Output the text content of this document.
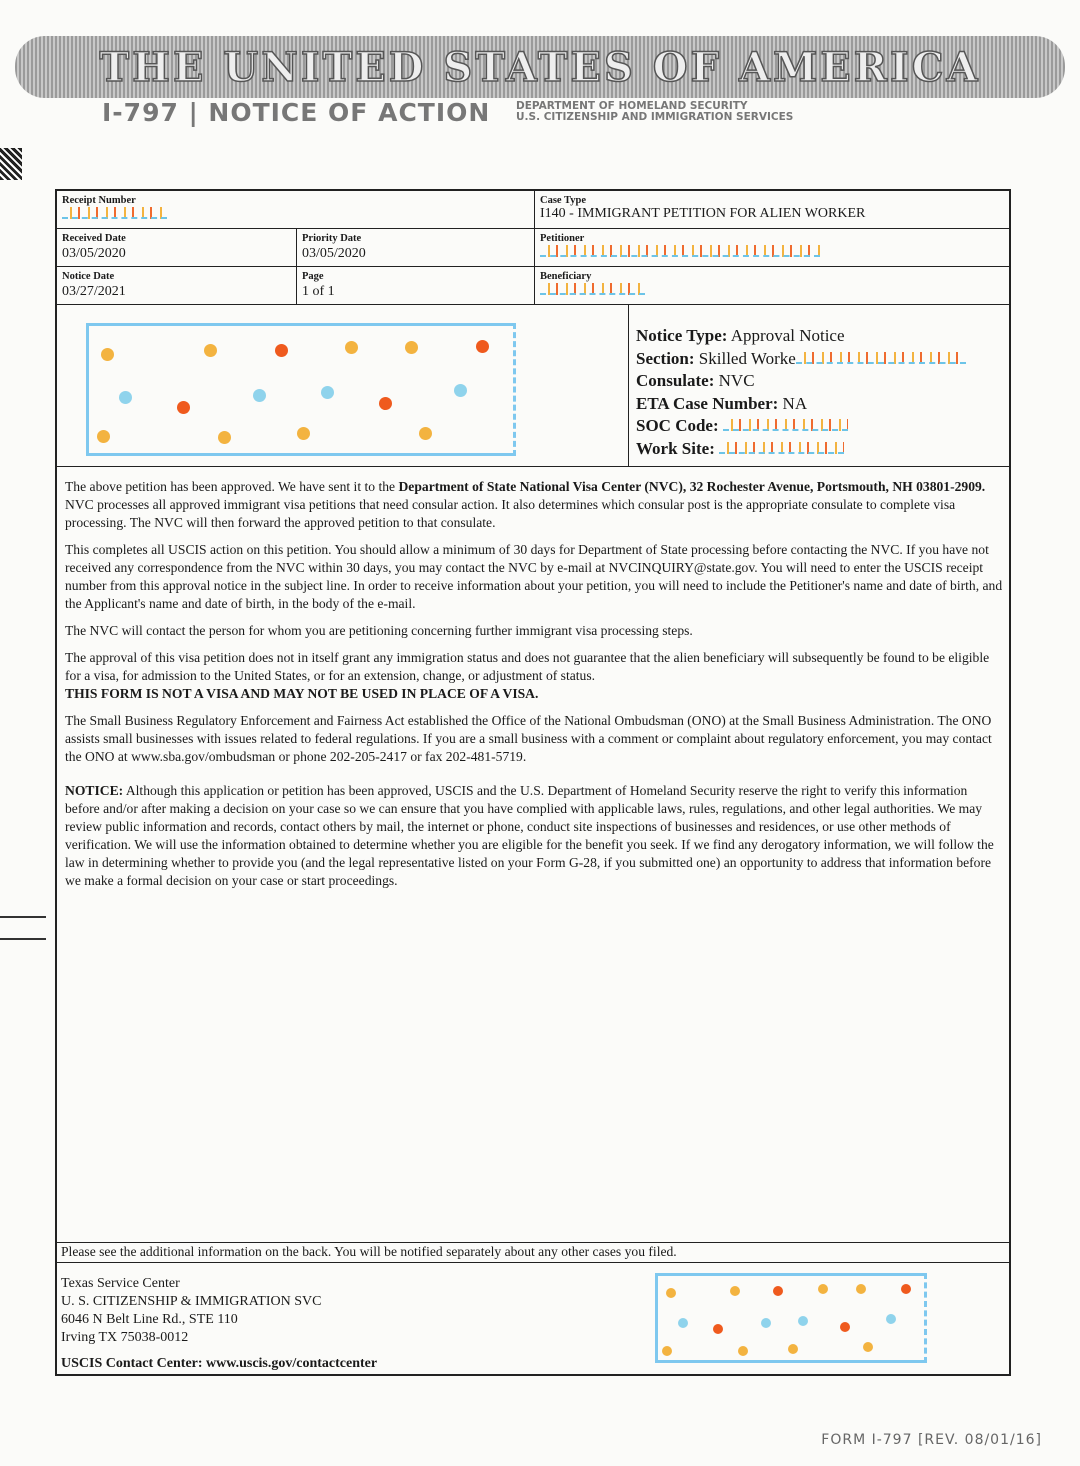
THE UNITED STATES OF AMERICA
I-797 | NOTICE OF ACTION DEPARTMENT OF HOMELAND SECURITY
U.S. CITIZENSHIP AND IMMIGRATION SERVICES
Receipt Number	Case Type
I140 - IMMIGRANT PETITION FOR ALIEN WORKER
Received Date
03/05/2020
Priority Date
03/05/2020
Petitioner
Notice Date
03/27/2021
Page
1 of 1
Beneficiary
Notice Type: Approval Notice
Section: Skilled Worke
Consulate: NVC
ETA Case Number: NA
SOC Code:
Work Site:

The above petition has been approved. We have sent it to the Department of State National Visa Center (NVC), 32 Rochester Avenue, Portsmouth, NH 03801-2909. NVC processes all approved immigrant visa petitions that need consular action. It also determines which consular post is the appropriate consulate to complete visa processing. The NVC will then forward the approved petition to that consulate.

This completes all USCIS action on this petition. You should allow a minimum of 30 days for Department of State processing before contacting the NVC. If you have not received any correspondence from the NVC within 30 days, you may contact the NVC by e-mail at NVCINQUIRY@state.gov. You will need to enter the USCIS receipt number from this approval notice in the subject line. In order to receive information about your petition, you will need to include the Petitioner's name and date of birth, and the Applicant's name and date of birth, in the body of the e-mail.

The NVC will contact the person for whom you are petitioning concerning further immigrant visa processing steps.

The approval of this visa petition does not in itself grant any immigration status and does not guarantee that the alien beneficiary will subsequently be found to be eligible for a visa, for admission to the United States, or for an extension, change, or adjustment of status.
THIS FORM IS NOT A VISA AND MAY NOT BE USED IN PLACE OF A VISA.

The Small Business Regulatory Enforcement and Fairness Act established the Office of the National Ombudsman (ONO) at the Small Business Administration. The ONO assists small businesses with issues related to federal regulations. If you are a small business with a comment or complaint about regulatory enforcement, you may contact the ONO at www.sba.gov/ombudsman or phone 202-205-2417 or fax 202-481-5719.

NOTICE: Although this application or petition has been approved, USCIS and the U.S. Department of Homeland Security reserve the right to verify this information before and/or after making a decision on your case so we can ensure that you have complied with applicable laws, rules, regulations, and other legal authorities. We may review public information and records, contact others by mail, the internet or phone, conduct site inspections of businesses and residences, or use other methods of verification. We will use the information obtained to determine whether you are eligible for the benefit you seek. If we find any derogatory information, we will follow the law in determining whether to provide you (and the legal representative listed on your Form G-28, if you submitted one) an opportunity to address that information before we make a formal decision on your case or start proceedings.

Please see the additional information on the back. You will be notified separately about any other cases you filed.
Texas Service Center
U. S. CITIZENSHIP & IMMIGRATION SVC
6046 N Belt Line Rd., STE 110
Irving TX 75038-0012
USCIS Contact Center: www.uscis.gov/contactcenter
FORM I-797 [REV. 08/01/16]
